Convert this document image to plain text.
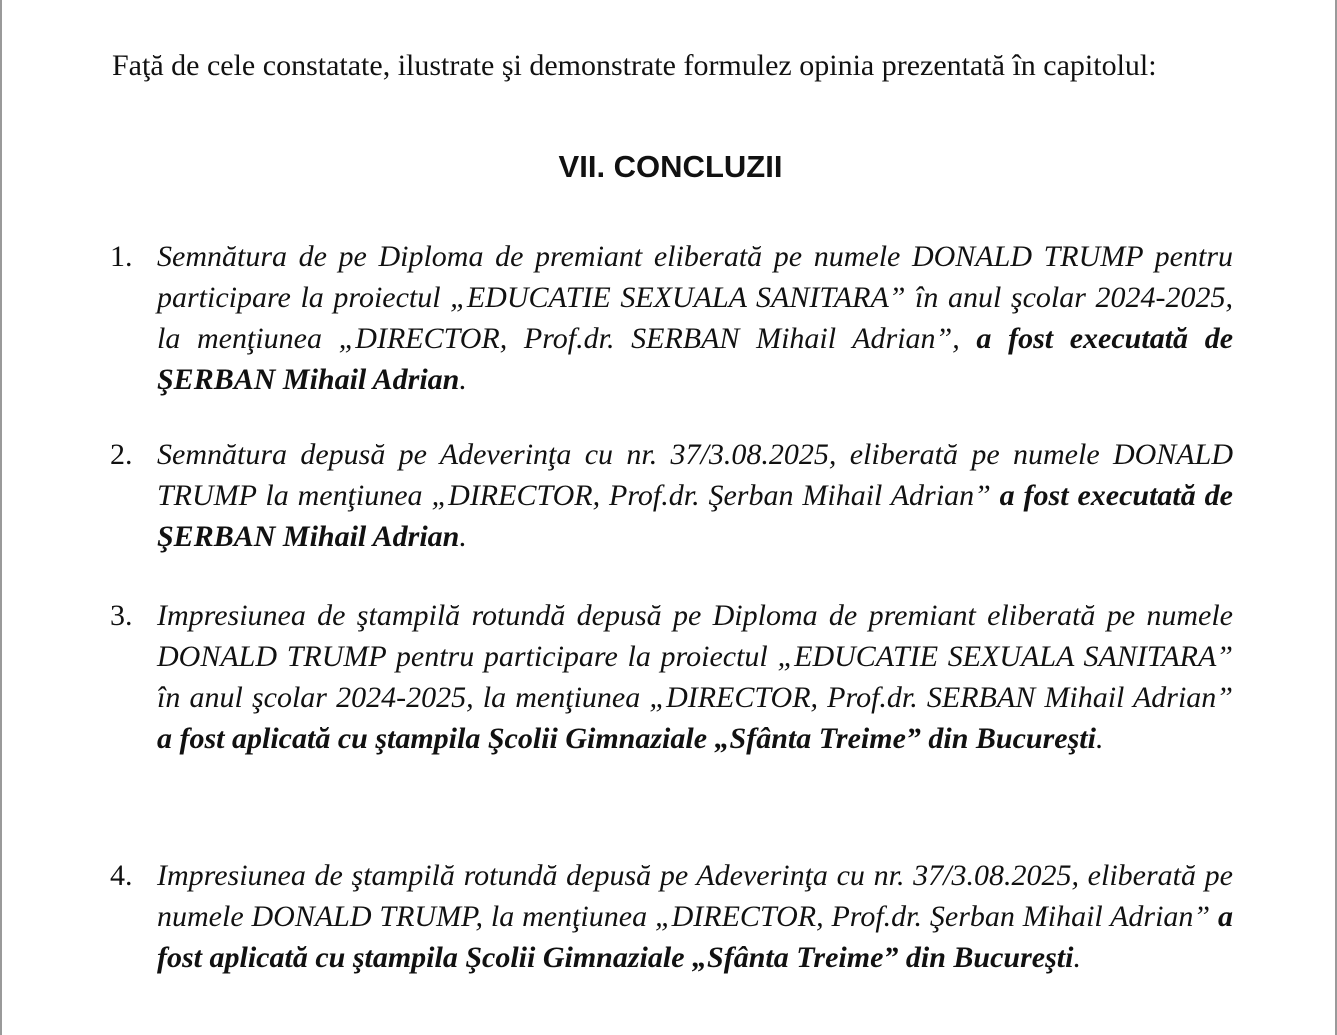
Faţă de cele constatate, ilustrate şi demonstrate formulez opinia prezentată în capitolul:

VII. CONCLUZII
1. Semnătura de pe Diploma de premiant eliberată pe numele DONALD TRUMP pentru participare la proiectul „EDUCATIE SEXUALA SANITARA” în anul şcolar 2024-2025, la menţiunea „DIRECTOR, Prof.dr. SERBAN Mihail Adrian”, a fost executată de ŞERBAN Mihail Adrian.
2. Semnătura depusă pe Adeverinţa cu nr. 37/3.08.2025, eliberată pe numele DONALD TRUMP la menţiunea „DIRECTOR, Prof.dr. Şerban Mihail Adrian” a fost executată de ŞERBAN Mihail Adrian.
3. Impresiunea de ştampilă rotundă depusă pe Diploma de premiant eliberată pe numele DONALD TRUMP pentru participare la proiectul „EDUCATIE SEXUALA SANITARA” în anul şcolar 2024-2025, la menţiunea „DIRECTOR, Prof.dr. SERBAN Mihail Adrian” a fost aplicată cu ştampila Şcolii Gimnaziale „Sfânta Treime” din Bucureşti.
4. Impresiunea de ştampilă rotundă depusă pe Adeverinţa cu nr. 37/3.08.2025, eliberată pe numele DONALD TRUMP, la menţiunea „DIRECTOR, Prof.dr. Şerban Mihail Adrian” a fost aplicată cu ştampila Şcolii Gimnaziale „Sfânta Treime” din Bucureşti.
